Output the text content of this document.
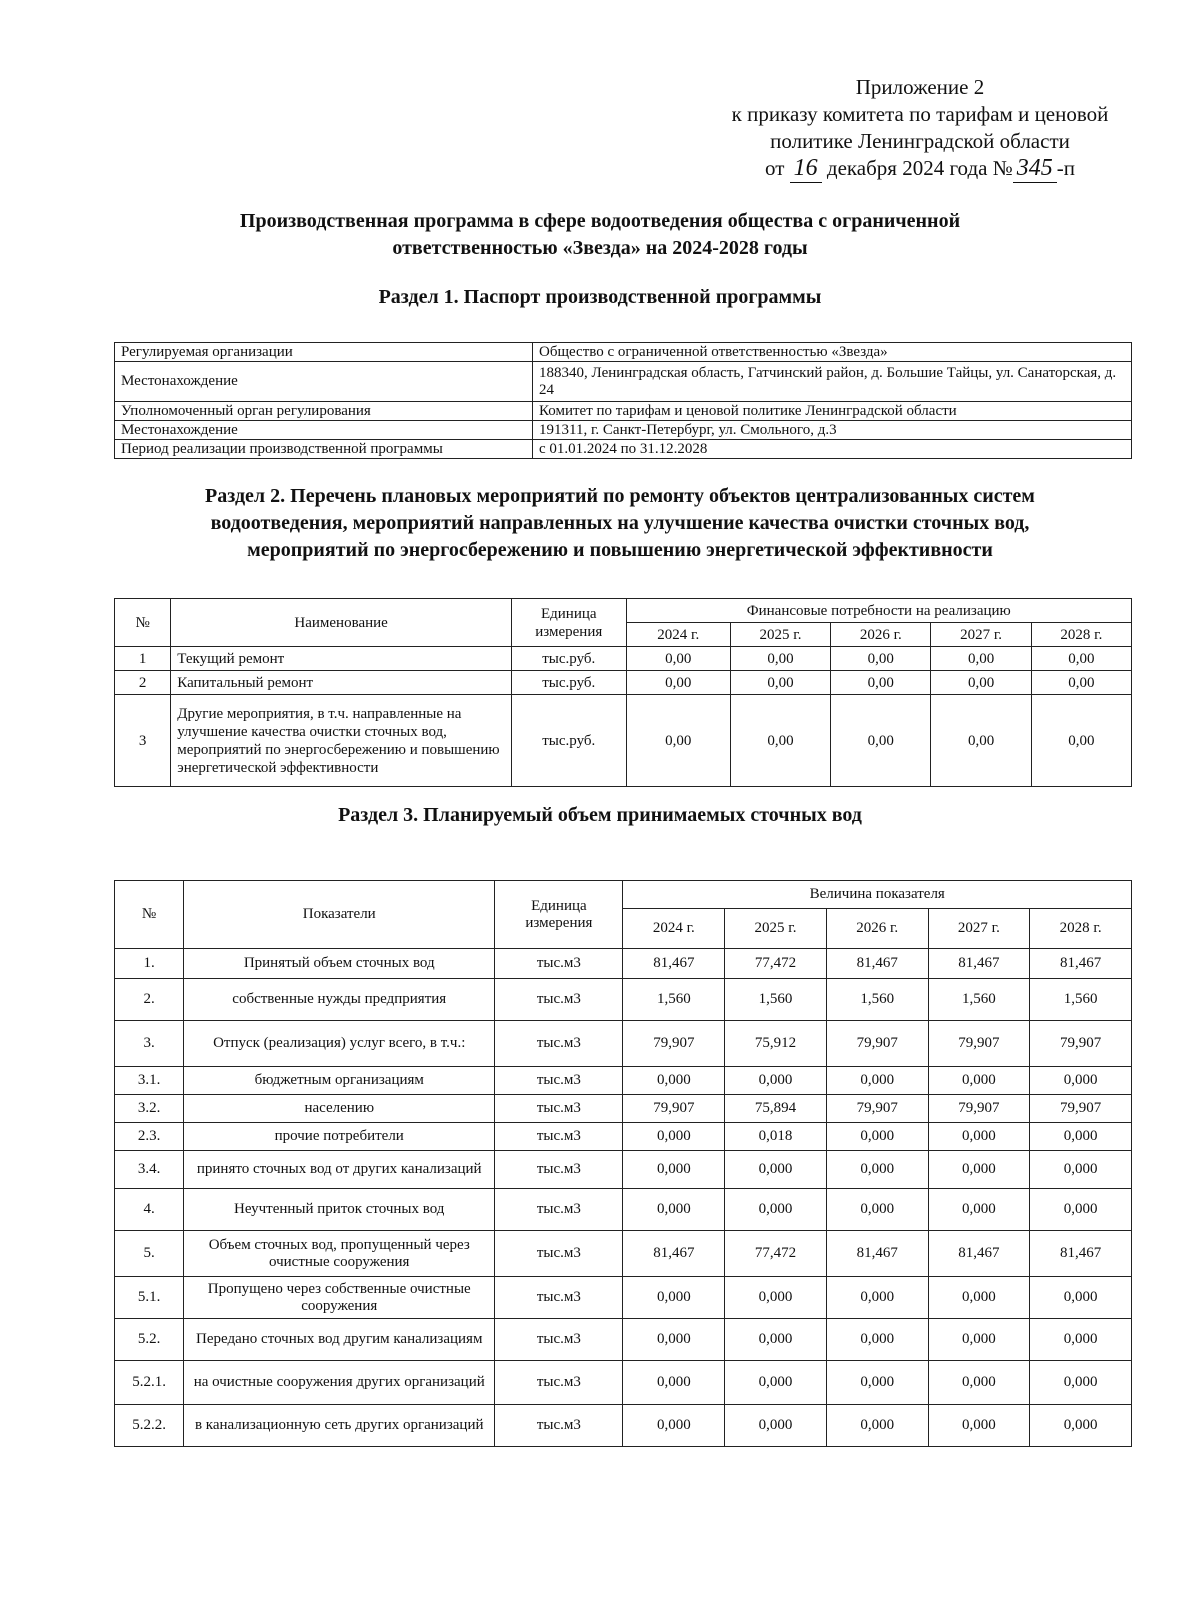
Приложение 2
к приказу комитета по тарифам и ценовой
политике Ленинградской области
от 16 декабря 2024 года № 345 -п
Производственная программа в сфере водоотведения общества с ограниченной
ответственностью «Звезда» на 2024-2028 годы
Раздел 1. Паспорт производственной программы
Регулируемая организации	Общество с ограниченной ответственностью «Звезда»
Местонахождение	188340, Ленинградская область, Гатчинский район, д. Большие Тайцы, ул. Санаторская, д. 24
Уполномоченный орган регулирования	Комитет по тарифам и ценовой политике Ленинградской области
Местонахождение	191311, г. Санкт-Петербург, ул. Смольного, д.3
Период реализации производственной программы	с 01.01.2024 по 31.12.2028
Раздел 2. Перечень плановых мероприятий по ремонту объектов централизованных систем
водоотведения, мероприятий направленных на улучшение качества очистки сточных вод,
мероприятий по энергосбережению и повышению энергетической эффективности
№	Наименование	Единица измерения	Финансовые потребности на реализацию				
			2024 г.	2025 г.	2026 г.	2027 г.	2028 г.
1	Текущий ремонт	тыс.руб.	0,00	0,00	0,00	0,00	0,00
2	Капитальный ремонт	тыс.руб.	0,00	0,00	0,00	0,00	0,00
3	Другие мероприятия, в т.ч. направленные на улучшение качества очистки сточных вод, мероприятий по энергосбережению и повышению энергетической эффективности	тыс.руб.	0,00	0,00	0,00	0,00	0,00
Раздел 3. Планируемый объем принимаемых сточных вод
№	Показатели	Единица измерения	Величина показателя				
			2024 г.	2025 г.	2026 г.	2027 г.	2028 г.
1.	Принятый объем сточных вод	тыс.м3	81,467	77,472	81,467	81,467	81,467
2.	собственные нужды предприятия	тыс.м3	1,560	1,560	1,560	1,560	1,560
3.	Отпуск (реализация) услуг всего, в т.ч.:	тыс.м3	79,907	75,912	79,907	79,907	79,907
3.1.	бюджетным организациям	тыс.м3	0,000	0,000	0,000	0,000	0,000
3.2.	населению	тыс.м3	79,907	75,894	79,907	79,907	79,907
2.3.	прочие потребители	тыс.м3	0,000	0,018	0,000	0,000	0,000
3.4.	принято сточных вод от других канализаций	тыс.м3	0,000	0,000	0,000	0,000	0,000
4.	Неучтенный приток сточных вод	тыс.м3	0,000	0,000	0,000	0,000	0,000
5.	Объем сточных вод, пропущенный через очистные сооружения	тыс.м3	81,467	77,472	81,467	81,467	81,467
5.1.	Пропущено через собственные очистные сооружения	тыс.м3	0,000	0,000	0,000	0,000	0,000
5.2.	Передано сточных вод другим канализациям	тыс.м3	0,000	0,000	0,000	0,000	0,000
5.2.1.	на очистные сооружения других организаций	тыс.м3	0,000	0,000	0,000	0,000	0,000
5.2.2.	в канализационную сеть других организаций	тыс.м3	0,000	0,000	0,000	0,000	0,000
